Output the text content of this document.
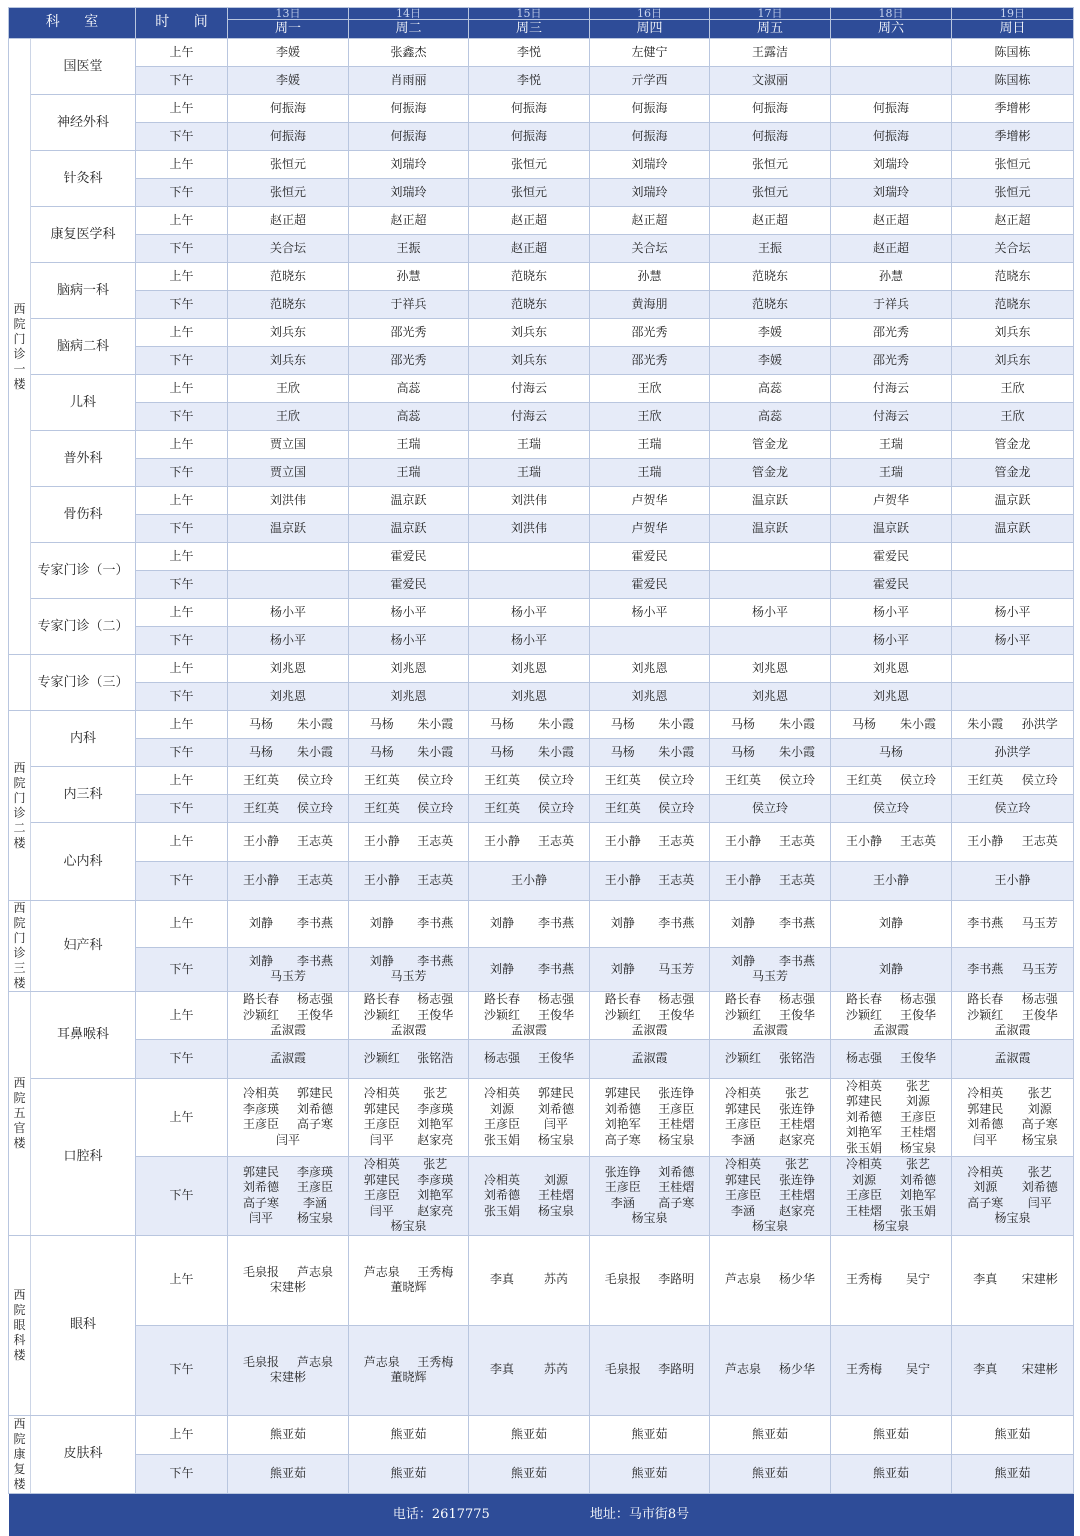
科 室		时 间	13日	14日	15日	16日	17日	18日	19日
			周一	周二	周三	周四	周五	周六	周日

西院门诊一楼	国医堂	上午	李媛	张鑫杰	李悦	左健宁	王露洁		陈国栋
		下午	李媛	肖雨丽	李悦	亓学西	文淑丽		陈国栋
	神经外科	上午	何振海	何振海	何振海	何振海	何振海	何振海	季增彬
		下午	何振海	何振海	何振海	何振海	何振海	何振海	季增彬
	针灸科	上午	张恒元	刘瑞玲	张恒元	刘瑞玲	张恒元	刘瑞玲	张恒元
		下午	张恒元	刘瑞玲	张恒元	刘瑞玲	张恒元	刘瑞玲	张恒元
	康复医学科	上午	赵正超	赵正超	赵正超	赵正超	赵正超	赵正超	赵正超
		下午	关合坛	王振	赵正超	关合坛	王振	赵正超	关合坛
	脑病一科	上午	范晓东	孙慧	范晓东	孙慧	范晓东	孙慧	范晓东
		下午	范晓东	于祥兵	范晓东	黄海朋	范晓东	于祥兵	范晓东
	脑病二科	上午	刘兵东	邵光秀	刘兵东	邵光秀	李媛	邵光秀	刘兵东
		下午	刘兵东	邵光秀	刘兵东	邵光秀	李媛	邵光秀	刘兵东
	儿科	上午	王欣	高蕊	付海云	王欣	高蕊	付海云	王欣
		下午	王欣	高蕊	付海云	王欣	高蕊	付海云	王欣
	普外科	上午	贾立国	王瑞	王瑞	王瑞	管金龙	王瑞	管金龙
		下午	贾立国	王瑞	王瑞	王瑞	管金龙	王瑞	管金龙
	骨伤科	上午	刘洪伟	温京跃	刘洪伟	卢贺华	温京跃	卢贺华	温京跃
		下午	温京跃	温京跃	刘洪伟	卢贺华	温京跃	温京跃	温京跃
	专家门诊（一）	上午		霍爱民		霍爱民		霍爱民	
		下午		霍爱民		霍爱民		霍爱民	
	专家门诊（二）	上午	杨小平	杨小平	杨小平	杨小平	杨小平	杨小平	杨小平
		下午	杨小平	杨小平	杨小平			杨小平	杨小平

	专家门诊（三）	上午	刘兆恩	刘兆恩	刘兆恩	刘兆恩	刘兆恩	刘兆恩	
		下午	刘兆恩	刘兆恩	刘兆恩	刘兆恩	刘兆恩	刘兆恩	

西院门诊二楼	内科	上午	马杨 朱小霞	马杨 朱小霞	马杨 朱小霞	马杨 朱小霞	马杨 朱小霞	马杨 朱小霞	朱小霞 孙洪学
		下午	马杨 朱小霞	马杨 朱小霞	马杨 朱小霞	马杨 朱小霞	马杨 朱小霞	马杨	孙洪学
	内三科	上午	王红英 侯立玲	王红英 侯立玲	王红英 侯立玲	王红英 侯立玲	王红英 侯立玲	王红英 侯立玲	王红英 侯立玲
		下午	王红英 侯立玲	王红英 侯立玲	王红英 侯立玲	王红英 侯立玲	侯立玲	侯立玲	侯立玲
	心内科	上午	王小静 王志英	王小静 王志英	王小静 王志英	王小静 王志英	王小静 王志英	王小静 王志英	王小静 王志英
		下午	王小静 王志英	王小静 王志英	王小静	王小静 王志英	王小静 王志英	王小静	王小静

西院门诊三楼	妇产科	上午	刘静 李书燕	刘静 李书燕	刘静 李书燕	刘静 李书燕	刘静 李书燕	刘静	李书燕 马玉芳
		下午	刘静 李书燕马玉芳	刘静 李书燕马玉芳	刘静 李书燕	刘静 马玉芳	刘静 李书燕马玉芳	刘静	李书燕 马玉芳

西院五官楼	耳鼻喉科	上午	路长春 杨志强沙颖红 王俊华孟淑霞	路长春 杨志强沙颖红 王俊华孟淑霞	路长春 杨志强沙颖红 王俊华孟淑霞	路长春 杨志强沙颖红 王俊华孟淑霞	路长春 杨志强沙颖红 王俊华孟淑霞	路长春 杨志强沙颖红 王俊华孟淑霞	路长春 杨志强沙颖红 王俊华孟淑霞
		下午	孟淑霞	沙颖红 张铭浩	杨志强 王俊华	孟淑霞	沙颖红 张铭浩	杨志强 王俊华	孟淑霞
	口腔科	上午	冷相英 郭建民李彦瑛 刘希德王彦臣 高子寒闫平	冷相英 张艺郭建民 李彦瑛王彦臣 刘艳军闫平 赵家亮	冷相英 郭建民刘源 刘希德王彦臣 闫平张玉娟 杨宝泉	郭建民 张连铮刘希德 王彦臣刘艳军 王桂熠高子寒 杨宝泉	冷相英 张艺郭建民 张连铮王彦臣 王桂熠李涵 赵家亮	冷相英 张艺郭建民 刘源刘希德 王彦臣刘艳军 王桂熠张玉娟 杨宝泉	冷相英 张艺郭建民 刘源刘希德 高子寒闫平 杨宝泉
		下午	郭建民 李彦瑛刘希德 王彦臣高子寒 李涵闫平 杨宝泉	冷相英 张艺郭建民 李彦瑛王彦臣 刘艳军闫平 赵家亮杨宝泉	冷相英 刘源刘希德 王桂熠张玉娟 杨宝泉	张连铮 刘希德王彦臣 王桂熠李涵 高子寒杨宝泉	冷相英 张艺郭建民 张连铮王彦臣 王桂熠李涵 赵家亮杨宝泉	冷相英 张艺刘源 刘希德王彦臣 刘艳军王桂熠 张玉娟杨宝泉	冷相英 张艺刘源 刘希德高子寒 闫平杨宝泉

西院眼科楼	眼科	上午	毛泉报 芦志泉宋建彬	芦志泉 王秀梅董晓辉	李真 苏芮	毛泉报 李路明	芦志泉 杨少华	王秀梅 吴宁	李真 宋建彬
		下午	毛泉报 芦志泉宋建彬	芦志泉 王秀梅董晓辉	李真 苏芮	毛泉报 李路明	芦志泉 杨少华	王秀梅 吴宁	李真 宋建彬

西院康复楼	皮肤科	上午	熊亚茹	熊亚茹	熊亚茹	熊亚茹	熊亚茹	熊亚茹	熊亚茹
		下午	熊亚茹	熊亚茹	熊亚茹	熊亚茹	熊亚茹	熊亚茹	熊亚茹
电话：2617775 地址：马市街8号									
